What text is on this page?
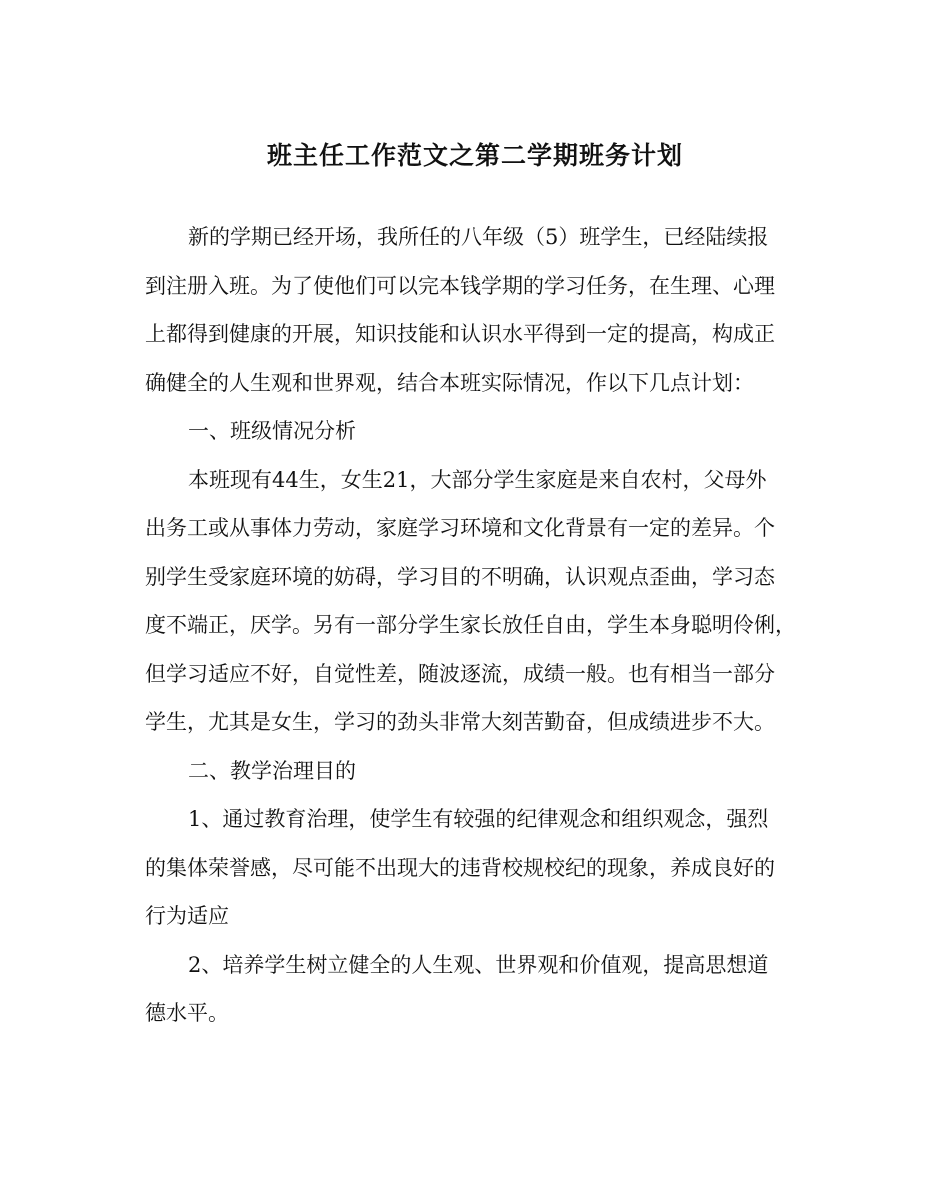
班主任工作范文之第二学期班务计划
新的学期已经开场，我所任的八年级（5）班学生，已经陆续报
到注册入班。为了使他们可以完本钱学期的学习任务，在生理、心理
上都得到健康的开展，知识技能和认识水平得到一定的提高，构成正
确健全的人生观和世界观，结合本班实际情况，作以下几点计划：
一、班级情况分析
本班现有44生，女生21，大部分学生家庭是来自农村，父母外
出务工或从事体力劳动，家庭学习环境和文化背景有一定的差异。个
别学生受家庭环境的妨碍，学习目的不明确，认识观点歪曲，学习态
度不端正，厌学。另有一部分学生家长放任自由，学生本身聪明伶俐，
但学习适应不好，自觉性差，随波逐流，成绩一般。也有相当一部分
学生，尤其是女生，学习的劲头非常大刻苦勤奋，但成绩进步不大。
二、教学治理目的
1、通过教育治理，使学生有较强的纪律观念和组织观念，强烈
的集体荣誉感，尽可能不出现大的违背校规校纪的现象，养成良好的
行为适应
2、培养学生树立健全的人生观、世界观和价值观，提高思想道
德水平。
